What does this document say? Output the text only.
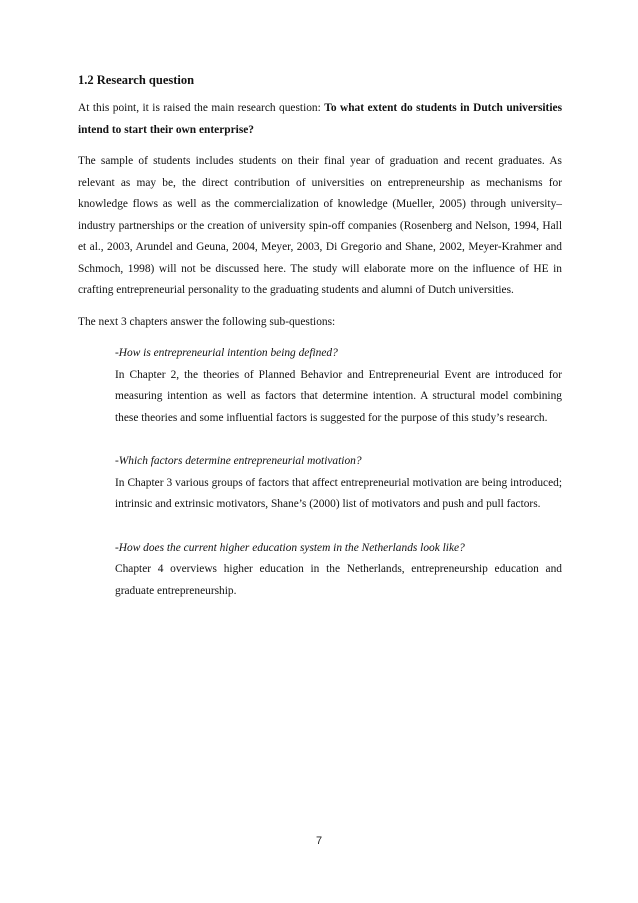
1.2 Research question

At this point, it is raised the main research question: To what extent do students in Dutch universities intend to start their own enterprise?

The sample of students includes students on their final year of graduation and recent graduates. As relevant as may be, the direct contribution of universities on entrepreneurship as mechanisms for knowledge flows as well as the commercialization of knowledge (Mueller, 2005) through university–industry partnerships or the creation of university spin-off companies (Rosenberg and Nelson, 1994, Hall et al., 2003, Arundel and Geuna, 2004, Meyer, 2003, Di Gregorio and Shane, 2002, Meyer-Krahmer and Schmoch, 1998) will not be discussed here. The study will elaborate more on the influence of HE in crafting entrepreneurial personality to the graduating students and alumni of Dutch universities.

The next 3 chapters answer the following sub-questions:

-How is entrepreneurial intention being defined?
In Chapter 2, the theories of Planned Behavior and Entrepreneurial Event are introduced for measuring intention as well as factors that determine intention. A structural model combining these theories and some influential factors is suggested for the purpose of this study’s research.
-Which factors determine entrepreneurial motivation?
In Chapter 3 various groups of factors that affect entrepreneurial motivation are being introduced; intrinsic and extrinsic motivators, Shane’s (2000) list of motivators and push and pull factors.
-How does the current higher education system in the Netherlands look like?
Chapter 4 overviews higher education in the Netherlands, entrepreneurship education and graduate entrepreneurship.
7
